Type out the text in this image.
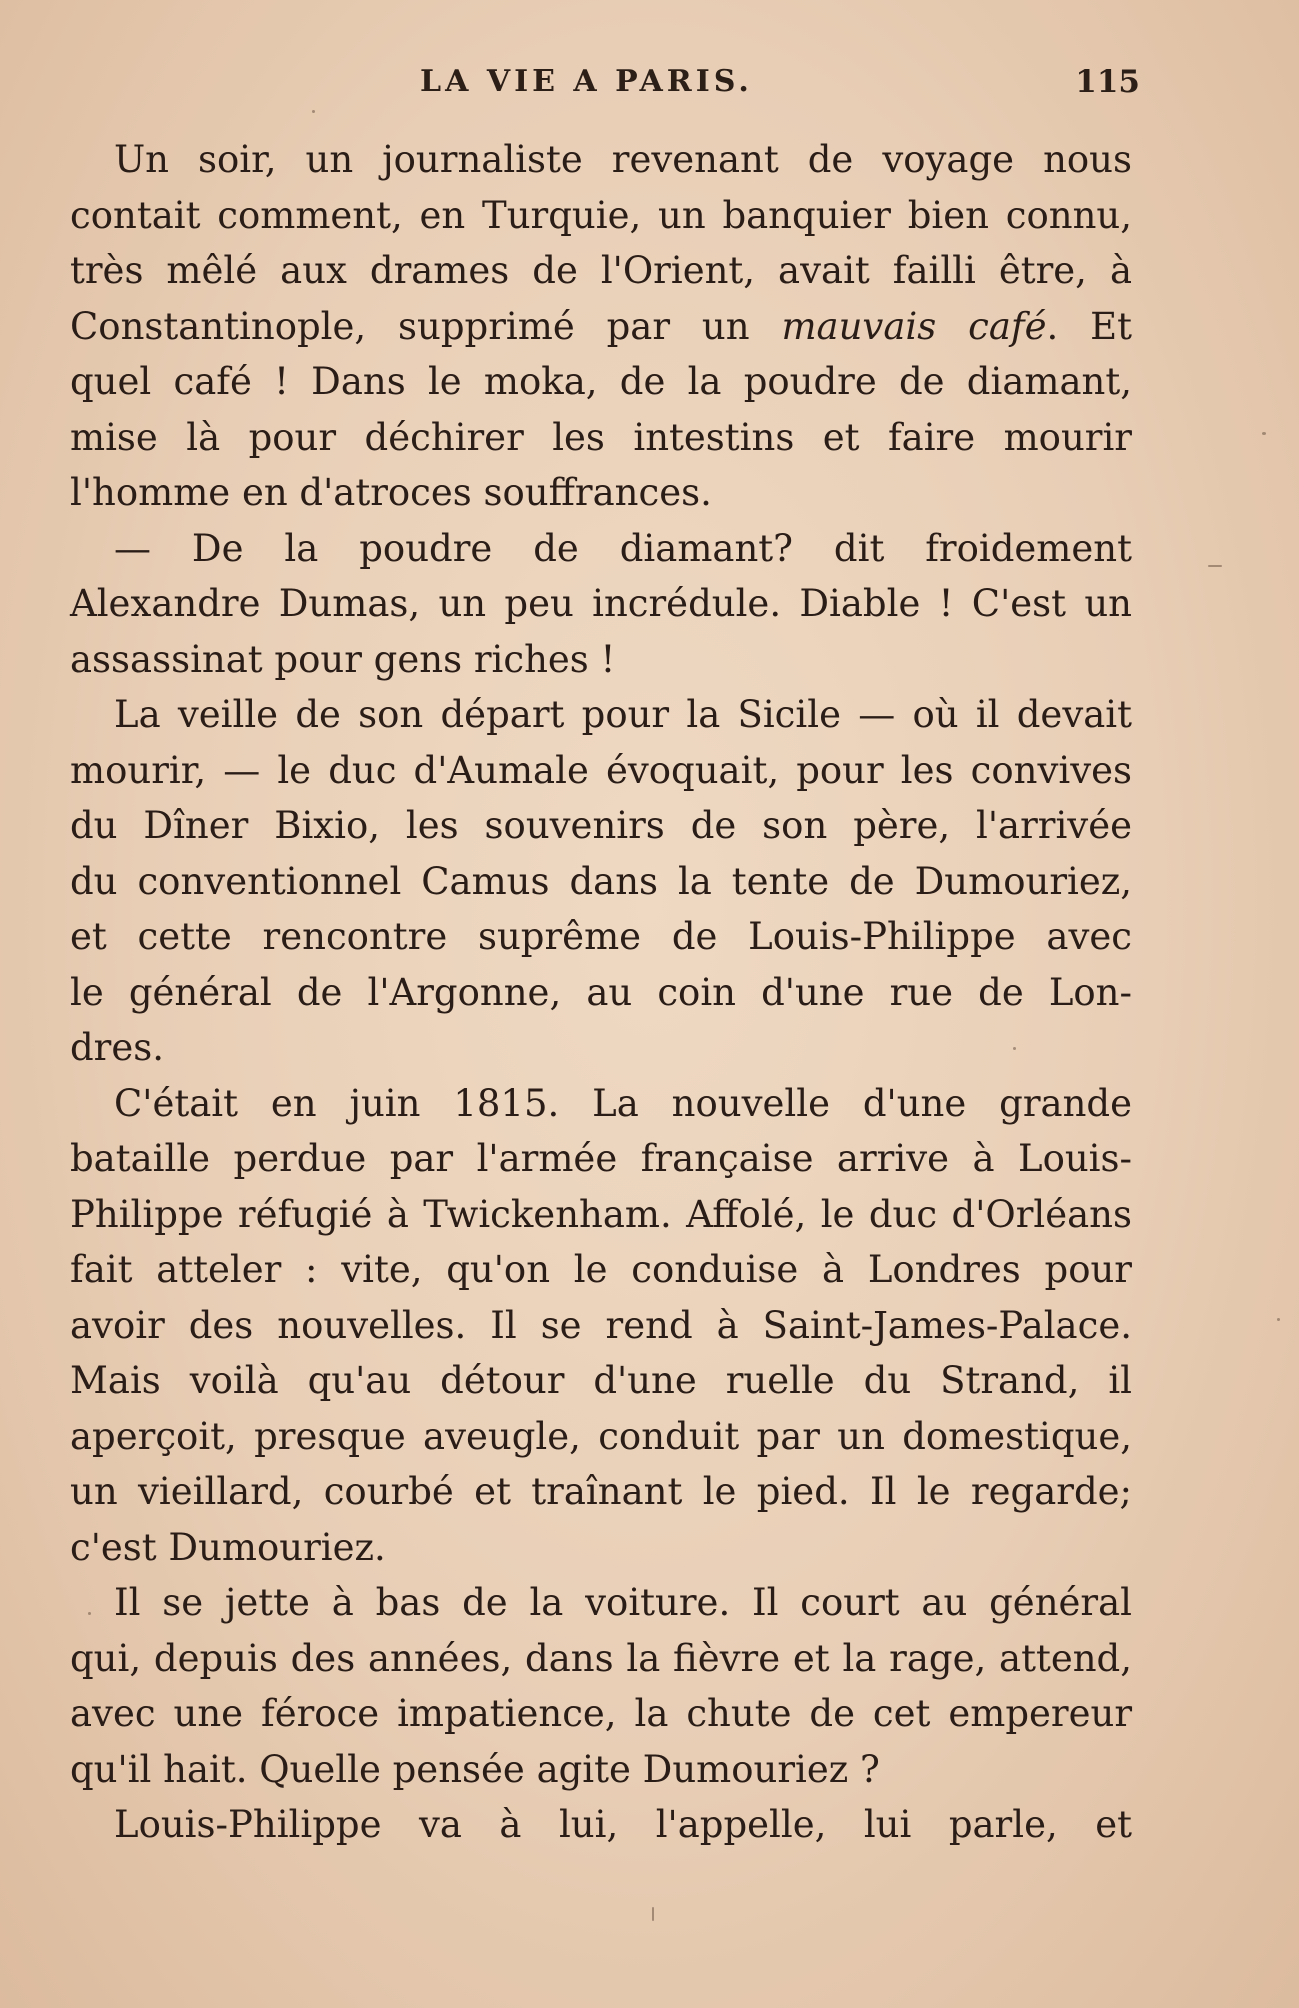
LA VIE A PARIS.	115
Un soir, un journaliste revenant de voyage nous
contait comment, en Turquie, un banquier bien connu,
très mêlé aux drames de l'Orient, avait failli être, à
Constantinople, supprimé par un mauvais café. Et
quel café ! Dans le moka, de la poudre de diamant,
mise là pour déchirer les intestins et faire mourir
l'homme en d'atroces souffrances.
— De la poudre de diamant? dit froidement
Alexandre Dumas, un peu incrédule. Diable ! C'est un
assassinat pour gens riches !
La veille de son départ pour la Sicile — où il devait
mourir, — le duc d'Aumale évoquait, pour les convives
du Dîner Bixio, les souvenirs de son père, l'arrivée
du conventionnel Camus dans la tente de Dumouriez,
et cette rencontre suprême de Louis-Philippe avec
le général de l'Argonne, au coin d'une rue de Lon-
dres.
C'était en juin 1815. La nouvelle d'une grande
bataille perdue par l'armée française arrive à Louis-
Philippe réfugié à Twickenham. Affolé, le duc d'Orléans
fait atteler : vite, qu'on le conduise à Londres pour
avoir des nouvelles. Il se rend à Saint-James-Palace.
Mais voilà qu'au détour d'une ruelle du Strand, il
aperçoit, presque aveugle, conduit par un domestique,
un vieillard, courbé et traînant le pied. Il le regarde;
c'est Dumouriez.
Il se jette à bas de la voiture. Il court au général
qui, depuis des années, dans la fièvre et la rage, attend,
avec une féroce impatience, la chute de cet empereur
qu'il hait. Quelle pensée agite Dumouriez ?
Louis-Philippe va à lui, l'appelle, lui parle, et
